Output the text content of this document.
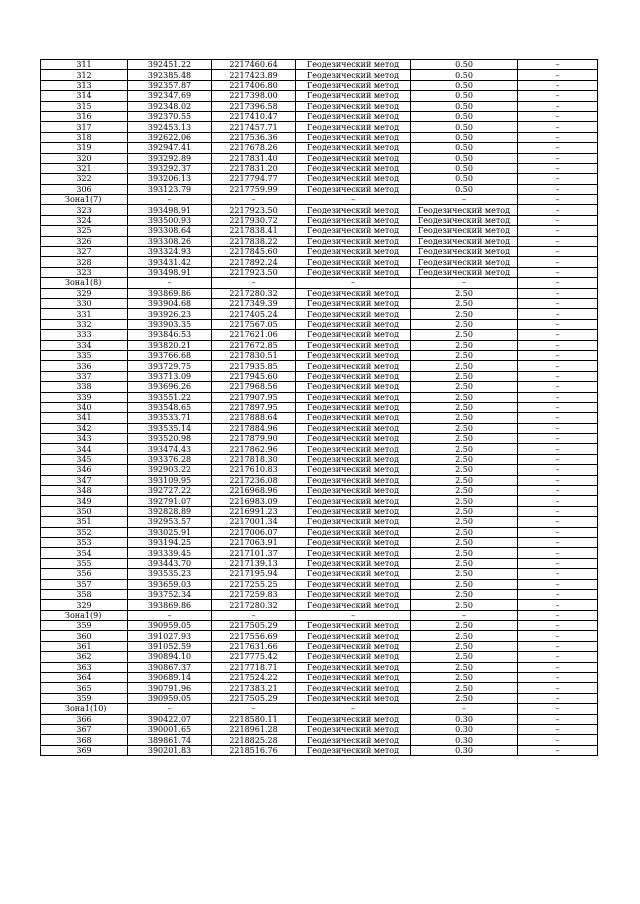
311	392451.22	2217460.64	Геодезический метод	0.50	–
312	392385.48	2217423.89	Геодезический метод	0.50	–
313	392357.87	2217406.80	Геодезический метод	0.50	–
314	392347.69	2217398.00	Геодезический метод	0.50	–
315	392348.02	2217396.58	Геодезический метод	0.50	–
316	392370.55	2217410.47	Геодезический метод	0.50	–
317	392453.13	2217457.71	Геодезический метод	0.50	–
318	392622.06	2217536.36	Геодезический метод	0.50	–
319	392947.41	2217678.26	Геодезический метод	0.50	–
320	393292.89	2217831.40	Геодезический метод	0.50	–
321	393292.37	2217831.20	Геодезический метод	0.50	–
322	393206.13	2217794.77	Геодезический метод	0.50	–
306	393123.79	2217759.99	Геодезический метод	0.50	–
Зона1(7)	–	–	–	–	–
323	393498.91	2217923.50	Геодезический метод	Геодезический метод	–
324	393500.93	2217930.72	Геодезический метод	Геодезический метод	–
325	393308.64	2217838.41	Геодезический метод	Геодезический метод	–
326	393308.26	2217838.22	Геодезический метод	Геодезический метод	–
327	393324.93	2217845.60	Геодезический метод	Геодезический метод	–
328	393431.42	2217892.24	Геодезический метод	Геодезический метод	–
323	393498.91	2217923.50	Геодезический метод	Геодезический метод	–
Зона1(8)	–	–	–	–	–
329	393869.86	2217280.32	Геодезический метод	2.50	–
330	393904.68	2217349.39	Геодезический метод	2.50	–
331	393926.23	2217405.24	Геодезический метод	2.50	–
332	393903.35	2217567.05	Геодезический метод	2.50	–
333	393846.53	2217621.06	Геодезический метод	2.50	–
334	393820.21	2217672.85	Геодезический метод	2.50	–
335	393766.68	2217830.51	Геодезический метод	2.50	–
336	393729.75	2217935.85	Геодезический метод	2.50	–
337	393713.09	2217945.60	Геодезический метод	2.50	–
338	393696.26	2217968.56	Геодезический метод	2.50	–
339	393551.22	2217907.95	Геодезический метод	2.50	–
340	393548.65	2217897.95	Геодезический метод	2.50	–
341	393533.71	2217888.64	Геодезический метод	2.50	–
342	393535.14	2217884.96	Геодезический метод	2.50	–
343	393520.98	2217879.90	Геодезический метод	2.50	–
344	393474.43	2217862.96	Геодезический метод	2.50	–
345	393376.28	2217818.30	Геодезический метод	2.50	–
346	392903.22	2217610.83	Геодезический метод	2.50	–
347	393109.95	2217236.08	Геодезический метод	2.50	–
348	392727.22	2216968.96	Геодезический метод	2.50	–
349	392791.07	2216983.09	Геодезический метод	2.50	–
350	392828.89	2216991.23	Геодезический метод	2.50	–
351	392953.57	2217001.34	Геодезический метод	2.50	–
352	393025.91	2217006.07	Геодезический метод	2.50	–
353	393194.25	2217063.91	Геодезический метод	2.50	–
354	393339.45	2217101.37	Геодезический метод	2.50	–
355	393443.70	2217139.13	Геодезический метод	2.50	–
356	393535.23	2217195.94	Геодезический метод	2.50	–
357	393659.03	2217255.25	Геодезический метод	2.50	–
358	393752.34	2217259.83	Геодезический метод	2.50	–
329	393869.86	2217280.32	Геодезический метод	2.50	–
Зона1(9)	–	–	–	–	–
359	390959.05	2217505.29	Геодезический метод	2.50	–
360	391027.93	2217556.69	Геодезический метод	2.50	–
361	391052.59	2217631.66	Геодезический метод	2.50	–
362	390894.10	2217775.42	Геодезический метод	2.50	–
363	390867.37	2217718.71	Геодезический метод	2.50	–
364	390689.14	2217524.22	Геодезический метод	2.50	–
365	390791.96	2217383.21	Геодезический метод	2.50	–
359	390959.05	2217505.29	Геодезический метод	2.50	–
Зона1(10)	–	–	–	–	–
366	390422.07	2218580.11	Геодезический метод	0.30	–
367	390001.65	2218961.28	Геодезический метод	0.30	–
368	389861.74	2218825.28	Геодезический метод	0.30	–
369	390201.83	2218516.76	Геодезический метод	0.30	–
